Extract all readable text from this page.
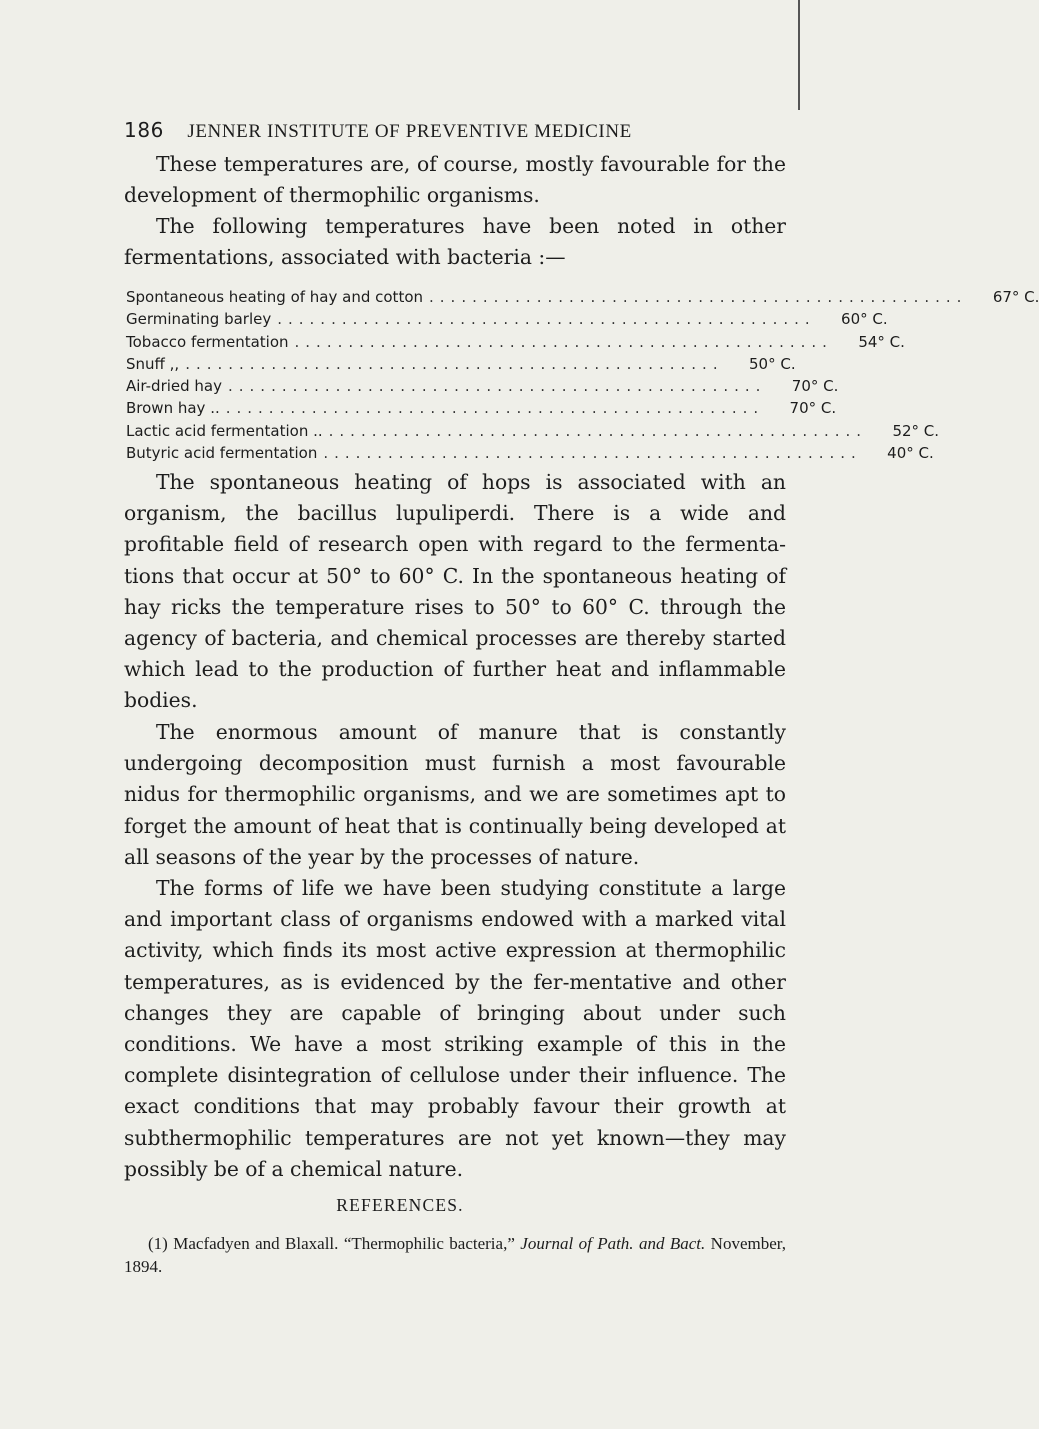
186 JENNER INSTITUTE OF PREVENTIVE MEDICINE

These temperatures are, of course, mostly favourable for the development of thermophilic organisms.

The following temperatures have been noted in other fermentations, associated with bacteria :—

Spontaneous heating of hay and cotton ..................................................	67° C.
Germinating barley ..................................................	60° C.
Tobacco fermentation ..................................................	54° C.
Snuff ,, ..................................................	50° C.
Air-dried hay ..................................................	70° C.
Brown hay .. ..................................................	70° C.
Lactic acid fermentation .. ..................................................	52° C.
Butyric acid fermentation ..................................................	40° C.

The spontaneous heating of hops is associated with an organism, the bacillus lupuliperdi. There is a wide and profitable field of research open with regard to the fermenta-tions that occur at 50° to 60° C. In the spontaneous heating of hay ricks the temperature rises to 50° to 60° C. through the agency of bacteria, and chemical processes are thereby started which lead to the production of further heat and inflammable bodies.

The enormous amount of manure that is constantly undergoing decomposition must furnish a most favourable nidus for thermophilic organisms, and we are sometimes apt to forget the amount of heat that is continually being developed at all seasons of the year by the processes of nature.

REFERENCES.

(1) Macfadyen and Blaxall. “Thermophilic bacteria,” Journal of Path. and Bact. November, 1894.

The forms of life we have been studying constitute a large and important class of organisms endowed with a marked vital activity, which finds its most active expression at thermophilic temperatures, as is evidenced by the fer-mentative and other changes they are capable of bringing about under such conditions. We have a most striking example of this in the complete disintegration of cellulose under their influence. The exact conditions that may probably favour their growth at subthermophilic temperatures are not yet known—they may possibly be of a chemical nature.
